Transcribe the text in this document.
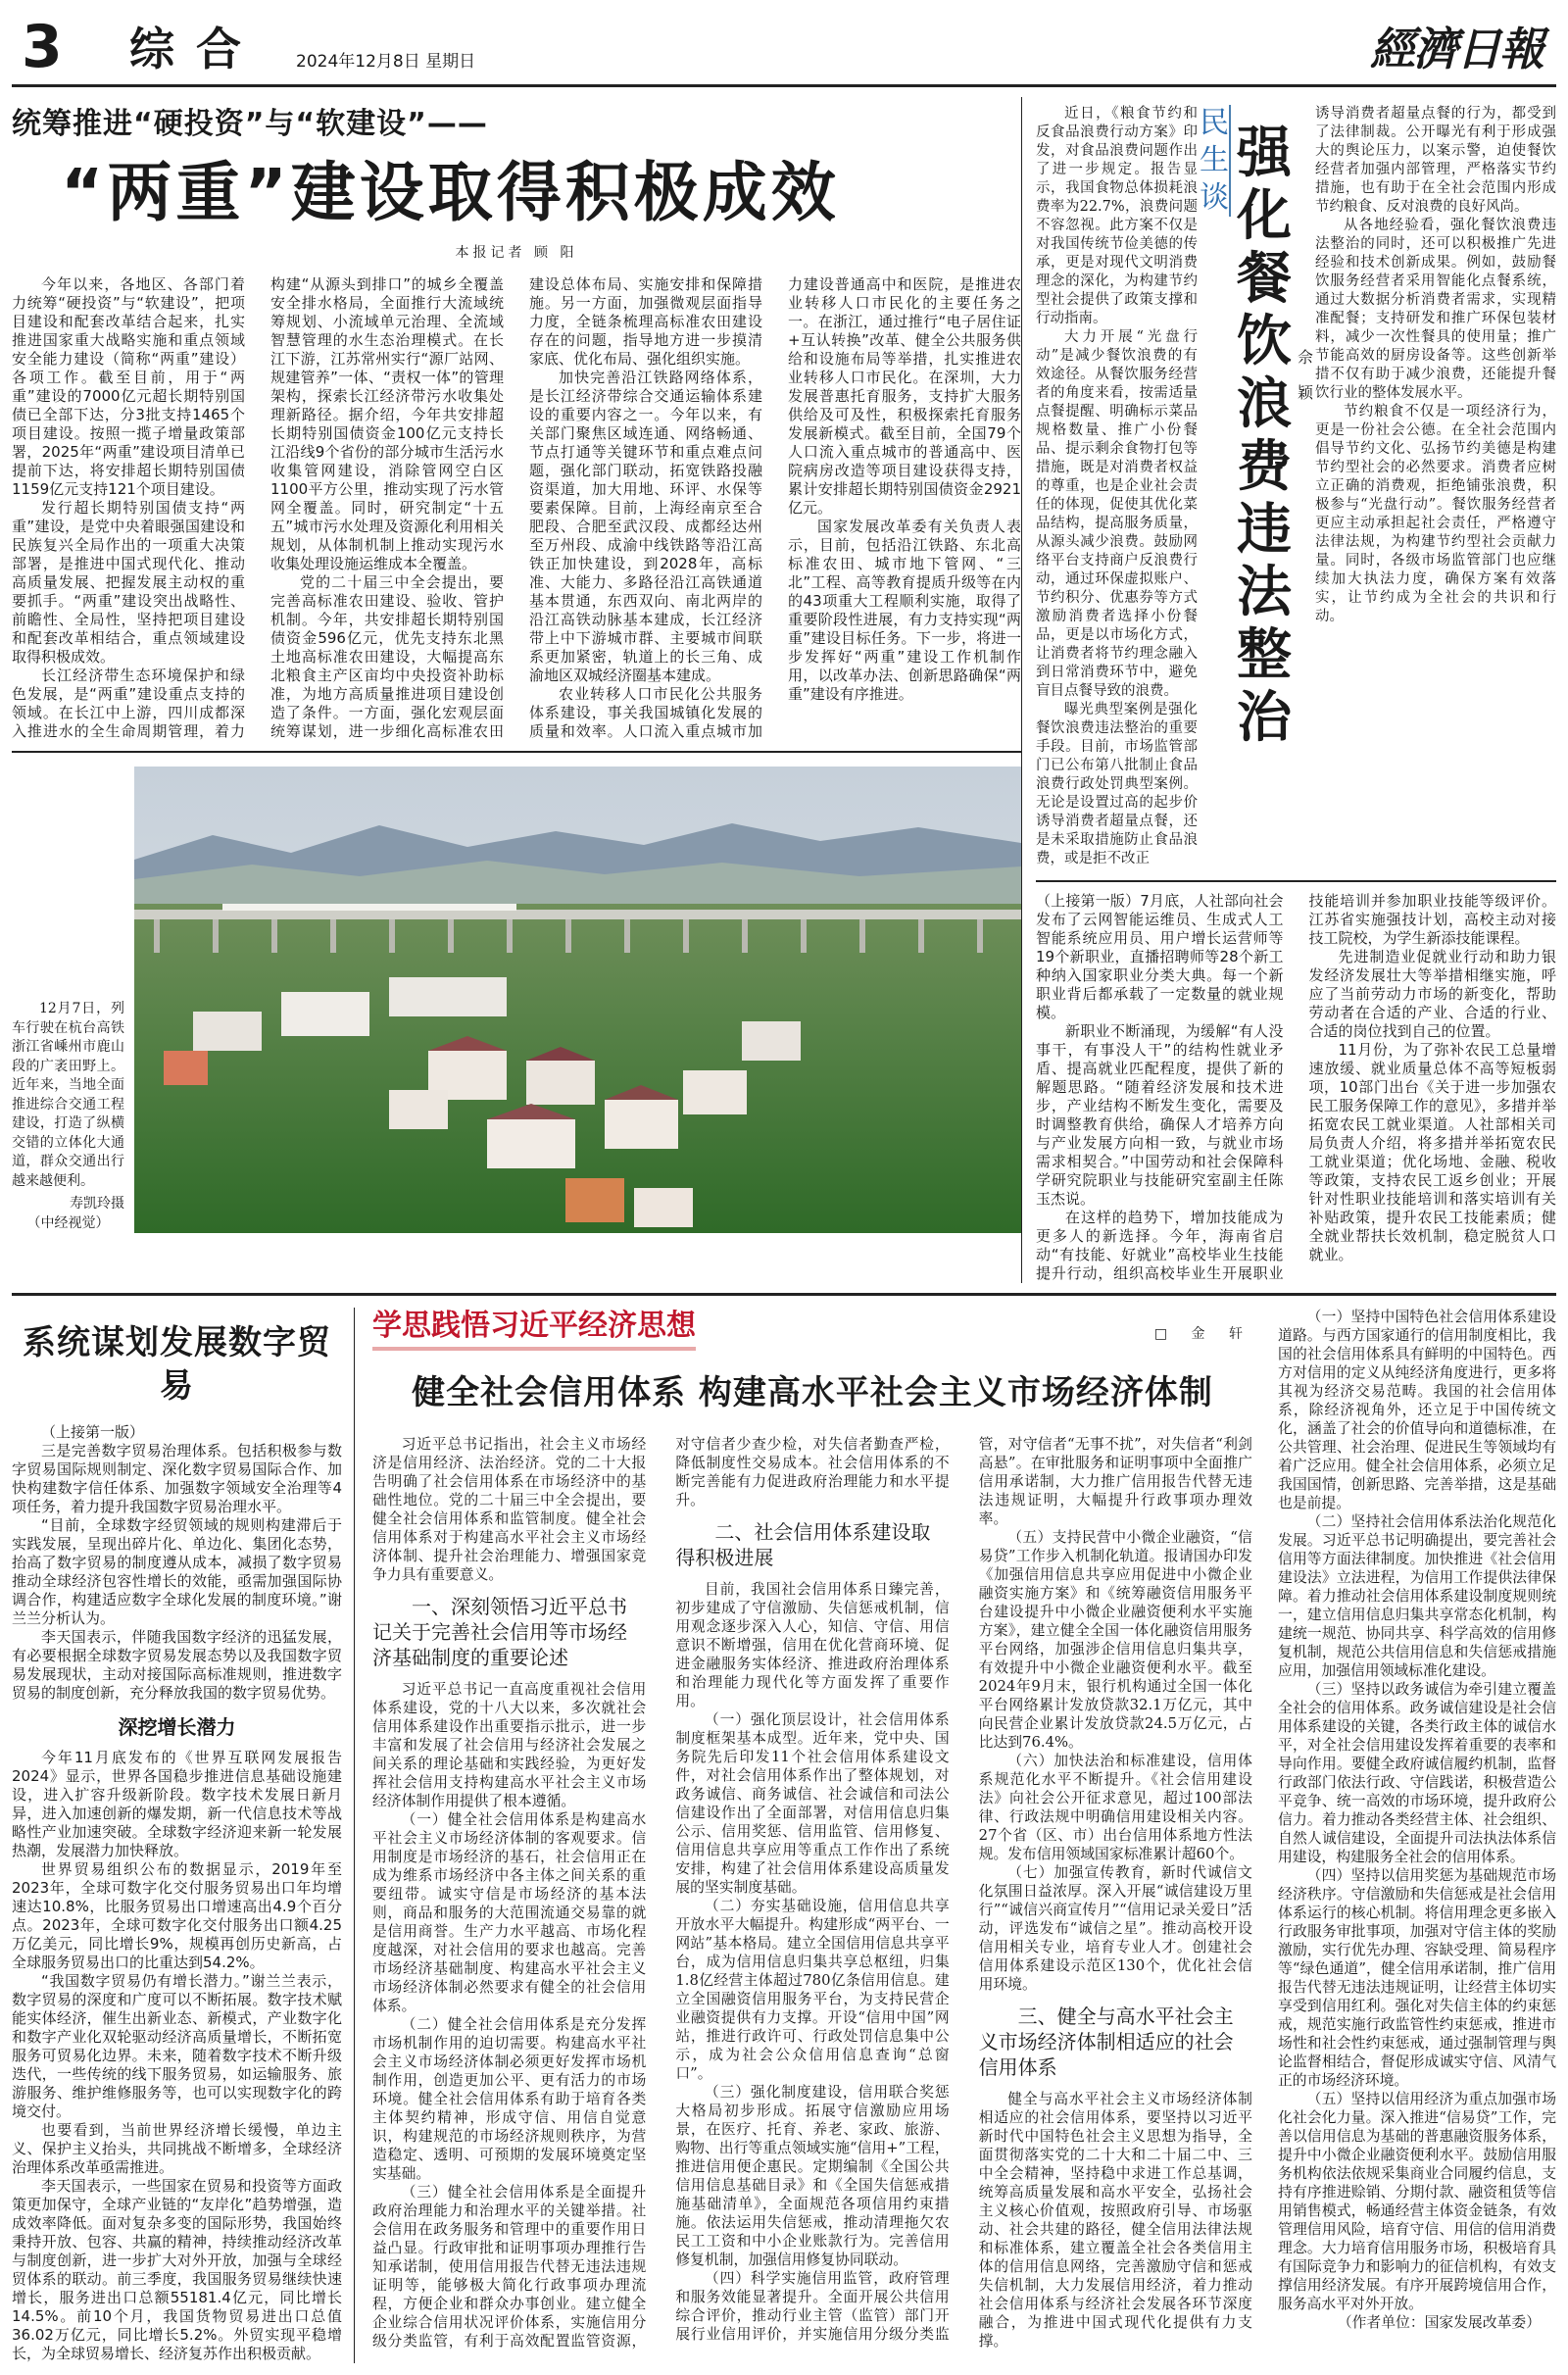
3	综合	2024年12月8日 星期日	經濟日報
统筹推进“硬投资”与“软建设”——
“两重”建设取得积极成效
本报记者 顾 阳

今年以来，各地区、各部门着力统筹“硬投资”与“软建设”，把项目建设和配套改革结合起来，扎实推进国家重大战略实施和重点领域安全能力建设（简称“两重”建设）各项工作。截至目前，用于“两重”建设的7000亿元超长期特别国债已全部下达，分3批支持1465个项目建设。按照一揽子增量政策部署，2025年“两重”建设项目清单已提前下达，将安排超长期特别国债1159亿元支持121个项目建设。

发行超长期特别国债支持“两重”建设，是党中央着眼强国建设和民族复兴全局作出的一项重大决策部署，是推进中国式现代化、推动高质量发展、把握发展主动权的重要抓手。“两重”建设突出战略性、前瞻性、全局性，坚持把项目建设和配套改革相结合，重点领域建设取得积极成效。

长江经济带生态环境保护和绿色发展，是“两重”建设重点支持的领域。在长江中上游，四川成都深入推进水的全生命周期管理，着力构建“从源头到排口”的城乡全覆盖安全排水格局，全面推行大流域统筹规划、小流域单元治理、全流域智慧管理的水生态治理模式。在长江下游，江苏常州实行“源厂站网、规建管养”一体、“责权一体”的管理架构，探索长江经济带污水收集处理新路径。据介绍，今年共安排超长期特别国债资金100亿元支持长江沿线9个省份的部分城市生活污水收集管网建设，消除管网空白区1100平方公里，推动实现了污水管网全覆盖。同时，研究制定“十五五”城市污水处理及资源化利用相关规划，从体制机制上推动实现污水收集处理设施运维成本全覆盖。

党的二十届三中全会提出，要完善高标准农田建设、验收、管护机制。今年，共安排超长期特别国债资金596亿元，优先支持东北黑土地高标准农田建设，大幅提高东北粮食主产区亩均中央投资补助标准，为地方高质量推进项目建设创造了条件。一方面，强化宏观层面统筹谋划，进一步细化高标准农田建设总体布局、实施安排和保障措施。另一方面，加强微观层面指导力度，全链条梳理高标准农田建设存在的问题，指导地方进一步摸清家底、优化布局、强化组织实施。

加快完善沿江铁路网络体系，是长江经济带综合交通运输体系建设的重要内容之一。今年以来，有关部门聚焦区域连通、网络畅通、节点打通等关键环节和重点难点问题，强化部门联动，拓宽铁路投融资渠道，加大用地、环评、水保等要素保障。目前，上海经南京至合肥段、合肥至武汉段、成都经达州至万州段、成渝中线铁路等沿江高铁正加快建设，到2028年，高标准、大能力、多路径沿江高铁通道基本贯通，东西双向、南北两岸的沿江高铁动脉基本建成，长江经济带上中下游城市群、主要城市间联系更加紧密，轨道上的长三角、成渝地区双城经济圈基本建成。

农业转移人口市民化公共服务体系建设，事关我国城镇化发展的质量和效率。人口流入重点城市加力建设普通高中和医院，是推进农业转移人口市民化的主要任务之一。在浙江，通过推行“电子居住证+互认转换”改革、健全公共服务供给和设施布局等举措，扎实推进农业转移人口市民化。在深圳，大力发展普惠托育服务，支持扩大服务供给及可及性，积极探索托育服务发展新模式。截至目前，全国79个人口流入重点城市的普通高中、医院病房改造等项目建设获得支持，累计安排超长期特别国债资金2921亿元。

国家发展改革委有关负责人表示，目前，包括沿江铁路、东北高标准农田、城市地下管网、“三北”工程、高等教育提质升级等在内的43项重大工程顺利实施，取得了重要阶段性进展，有力支持实现“两重”建设目标任务。下一步，将进一步发挥好“两重”建设工作机制作用，以改革办法、创新思路确保“两重”建设有序推进。

12月7日，列车行驶在杭台高铁浙江省嵊州市鹿山段的广袤田野上。近年来，当地全面推进综合交通工程建设，打造了纵横交错的立体化大通道，群众交通出行越来越便利。

寿凯玲摄
（中经视觉）

近日，《粮食节约和反食品浪费行动方案》印发，对食品浪费问题作出了进一步规定。报告显示，我国食物总体损耗浪费率为22.7%，浪费问题不容忽视。此方案不仅是对我国传统节俭美德的传承，更是对现代文明消费理念的深化，为构建节约型社会提供了政策支撑和行动指南。

大力开展“光盘行动”是减少餐饮浪费的有效途径。从餐饮服务经营者的角度来看，按需适量点餐提醒、明确标示菜品规格数量、推广小份餐品、提示剩余食物打包等措施，既是对消费者权益的尊重，也是企业社会责任的体现，促使其优化菜品结构，提高服务质量，从源头减少浪费。鼓励网络平台支持商户反浪费行动，通过环保虚拟账户、节约积分、优惠券等方式激励消费者选择小份餐品，更是以市场化方式，让消费者将节约理念融入到日常消费环节中，避免盲目点餐导致的浪费。

曝光典型案例是强化餐饮浪费违法整治的重要手段。目前，市场监管部门已公布第八批制止食品浪费行政处罚典型案例。无论是设置过高的起步价诱导消费者超量点餐，还是未采取措施防止食品浪费，或是拒不改正

民生谈
强化餐饮浪费违法整治
佘颖

诱导消费者超量点餐的行为，都受到了法律制裁。公开曝光有利于形成强大的舆论压力，以案示警，迫使餐饮经营者加强内部管理，严格落实节约措施，也有助于在全社会范围内形成节约粮食、反对浪费的良好风尚。

从各地经验看，强化餐饮浪费违法整治的同时，还可以积极推广先进经验和技术创新成果。例如，鼓励餐饮服务经营者采用智能化点餐系统，通过大数据分析消费者需求，实现精准配餐；支持研发和推广环保包装材料，减少一次性餐具的使用量；推广节能高效的厨房设备等。这些创新举措不仅有助于减少浪费，还能提升餐饮行业的整体发展水平。

节约粮食不仅是一项经济行为，更是一份社会公德。在全社会范围内倡导节约文化、弘扬节约美德是构建节约型社会的必然要求。消费者应树立正确的消费观，拒绝铺张浪费，积极参与“光盘行动”。餐饮服务经营者更应主动承担起社会责任，严格遵守法律法规，为构建节约型社会贡献力量。同时，各级市场监管部门也应继续加大执法力度，确保方案有效落实，让节约成为全社会的共识和行动。

（上接第一版）7月底，人社部向社会发布了云网智能运维员、生成式人工智能系统应用员、用户增长运营师等19个新职业，直播招聘师等28个新工种纳入国家职业分类大典。每一个新职业背后都承载了一定数量的就业规模。

新职业不断涌现，为缓解“有人没事干，有事没人干”的结构性就业矛盾、提高就业匹配程度，提供了新的解题思路。“随着经济发展和技术进步，产业结构不断发生变化，需要及时调整教育供给，确保人才培养方向与产业发展方向相一致，与就业市场需求相契合。”中国劳动和社会保障科学研究院职业与技能研究室副主任陈玉杰说。

在这样的趋势下，增加技能成为更多人的新选择。今年，海南省启动“有技能、好就业”高校毕业生技能提升行动，组织高校毕业生开展职业技能培训并参加职业技能等级评价。江苏省实施强技计划，高校主动对接技工院校，为学生新添技能课程。

先进制造业促就业行动和助力银发经济发展壮大等举措相继实施，呼应了当前劳动力市场的新变化，帮助劳动者在合适的产业、合适的行业、合适的岗位找到自己的位置。

11月份，为了弥补农民工总量增速放缓、就业质量总体不高等短板弱项，10部门出台《关于进一步加强农民工服务保障工作的意见》，多措并举拓宽农民工就业渠道。人社部相关司局负责人介绍，将多措并举拓宽农民工就业渠道；优化场地、金融、税收等政策，支持农民工返乡创业；开展针对性职业技能培训和落实培训有关补贴政策，提升农民工技能素质；健全就业帮扶长效机制，稳定脱贫人口就业。

系统谋划发展数字贸易

（上接第一版）

三是完善数字贸易治理体系。包括积极参与数字贸易国际规则制定、深化数字贸易国际合作、加快构建数字信任体系、加强数字领域安全治理等4项任务，着力提升我国数字贸易治理水平。

“目前，全球数字经贸领域的规则构建滞后于实践发展，呈现出碎片化、单边化、集团化态势，抬高了数字贸易的制度遵从成本，减损了数字贸易推动全球经济包容性增长的效能，亟需加强国际协调合作，构建适应数字全球化发展的制度环境。”谢兰兰分析认为。

李天国表示，伴随我国数字经济的迅猛发展，有必要根据全球数字贸易发展态势以及我国数字贸易发展现状，主动对接国际高标准规则，推进数字贸易的制度创新，充分释放我国的数字贸易优势。

深挖增长潜力

今年11月底发布的《世界互联网发展报告2024》显示，世界各国稳步推进信息基础设施建设，进入扩容升级新阶段。数字技术发展日新月异，进入加速创新的爆发期，新一代信息技术等战略性产业加速突破。全球数字经济迎来新一轮发展热潮，发展潜力加快释放。

世界贸易组织公布的数据显示，2019年至2023年，全球可数字化交付服务贸易出口年均增速达10.8%，比服务贸易出口增速高出4.9个百分点。2023年，全球可数字化交付服务出口额4.25万亿美元，同比增长9%，规模再创历史新高，占全球服务贸易出口的比重达到54.2%。

“我国数字贸易仍有增长潜力。”谢兰兰表示，数字贸易的深度和广度可以不断拓展。数字技术赋能实体经济，催生出新业态、新模式，产业数字化和数字产业化双轮驱动经济高质量增长，不断拓宽服务可贸易化边界。未来，随着数字技术不断升级迭代，一些传统的线下服务贸易，如运输服务、旅游服务、维护维修服务等，也可以实现数字化的跨境交付。

也要看到，当前世界经济增长缓慢，单边主义、保护主义抬头，共同挑战不断增多，全球经济治理体系改革亟需推进。

李天国表示，一些国家在贸易和投资等方面政策更加保守，全球产业链的“友岸化”趋势增强，造成效率降低。面对复杂多变的国际形势，我国始终秉持开放、包容、共赢的精神，持续推动经济改革与制度创新，进一步扩大对外开放，加强与全球经贸体系的联动。前三季度，我国服务贸易继续快速增长，服务进出口总额55181.4亿元，同比增长14.5%。前10个月，我国货物贸易进出口总值36.02万亿元，同比增长5.2%。外贸实现平稳增长，为全球贸易增长、经济复苏作出积极贡献。

学思践悟习近平经济思想	□ 金 轩
健全社会信用体系 构建高水平社会主义市场经济体制

习近平总书记指出，社会主义市场经济是信用经济、法治经济。党的二十大报告明确了社会信用体系在市场经济中的基础性地位。党的二十届三中全会提出，要健全社会信用体系和监管制度。健全社会信用体系对于构建高水平社会主义市场经济体制、提升社会治理能力、增强国家竞争力具有重要意义。

一、深刻领悟习近平总书记关于完善社会信用等市场经济基础制度的重要论述

习近平总书记一直高度重视社会信用体系建设，党的十八大以来，多次就社会信用体系建设作出重要指示批示，进一步丰富和发展了社会信用与经济社会发展之间关系的理论基础和实践经验，为更好发挥社会信用支持构建高水平社会主义市场经济体制作用提供了根本遵循。

（一）健全社会信用体系是构建高水平社会主义市场经济体制的客观要求。信用制度是市场经济的基石，社会信用正在成为维系市场经济中各主体之间关系的重要纽带。诚实守信是市场经济的基本法则，商品和服务的大范围流通交易靠的就是信用商誉。生产力水平越高、市场化程度越深，对社会信用的要求也越高。完善市场经济基础制度、构建高水平社会主义市场经济体制必然要求有健全的社会信用体系。

（二）健全社会信用体系是充分发挥市场机制作用的迫切需要。构建高水平社会主义市场经济体制必须更好发挥市场机制作用，创造更加公平、更有活力的市场环境。健全社会信用体系有助于培育各类主体契约精神，形成守信、用信自觉意识，构建规范的市场经济规则秩序，为营造稳定、透明、可预期的发展环境奠定坚实基础。

（三）健全社会信用体系是全面提升政府治理能力和治理水平的关键举措。社会信用在政务服务和管理中的重要作用日益凸显。行政审批和证明事项办理推行告知承诺制，使用信用报告代替无违法违规证明等，能够极大简化行政事项办理流程，方便企业和群众办事创业。建立健全企业综合信用状况评价体系，实施信用分级分类监管，有利于高效配置监管资源，对守信者少查少检，对失信者勤查严检，降低制度性交易成本。社会信用体系的不断完善能有力促进政府治理能力和水平提升。

二、社会信用体系建设取得积极进展

目前，我国社会信用体系日臻完善，初步建成了守信激励、失信惩戒机制，信用观念逐步深入人心，知信、守信、用信意识不断增强，信用在优化营商环境、促进金融服务实体经济、推进政府治理体系和治理能力现代化等方面发挥了重要作用。

（一）强化顶层设计，社会信用体系制度框架基本成型。近年来，党中央、国务院先后印发11个社会信用体系建设文件，对社会信用体系作出了整体规划，对政务诚信、商务诚信、社会诚信和司法公信建设作出了全面部署，对信用信息归集公示、信用奖惩、信用监管、信用修复、信用信息共享应用等重点工作作出了系统安排，构建了社会信用体系建设高质量发展的坚实制度基础。

（二）夯实基础设施，信用信息共享开放水平大幅提升。构建形成“两平台、一网站”基本格局。建立全国信用信息共享平台，成为信用信息归集共享总枢纽，归集1.8亿经营主体超过780亿条信用信息。建立全国融资信用服务平台，为支持民营企业融资提供有力支撑。开设“信用中国”网站，推进行政许可、行政处罚信息集中公示，成为社会公众信用信息查询“总窗口”。

（三）强化制度建设，信用联合奖惩大格局初步形成。拓展守信激励应用场景，在医疗、托育、养老、家政、旅游、购物、出行等重点领域实施“信用+”工程，推进信用便企惠民。定期编制《全国公共信用信息基础目录》和《全国失信惩戒措施基础清单》，全面规范各项信用约束措施。依法运用失信惩戒，推动清理拖欠农民工工资和中小企业账款行为。完善信用修复机制，加强信用修复协同联动。

（四）科学实施信用监管，政府管理和服务效能显著提升。全面开展公共信用综合评价，推动行业主管（监管）部门开展行业信用评价，并实施信用分级分类监管，对守信者“无事不扰”，对失信者“利剑高悬”。在审批服务和证明事项中全面推广信用承诺制，大力推广信用报告代替无违法违规证明，大幅提升行政事项办理效率。

（五）支持民营中小微企业融资，“信易贷”工作步入机制化轨道。报请国办印发《加强信用信息共享应用促进中小微企业融资实施方案》和《统筹融资信用服务平台建设提升中小微企业融资便利水平实施方案》，建立健全全国一体化融资信用服务平台网络，加强涉企信用信息归集共享，有效提升中小微企业融资便利水平。截至2024年9月末，银行机构通过全国一体化平台网络累计发放贷款32.1万亿元，其中向民营企业累计发放贷款24.5万亿元，占比达到76.4%。

（六）加快法治和标准建设，信用体系规范化水平不断提升。《社会信用建设法》向社会公开征求意见，超过100部法律、行政法规中明确信用建设相关内容。27个省（区、市）出台信用体系地方性法规。发布信用领域国家标准累计超60个。

（七）加强宣传教育，新时代诚信文化氛围日益浓厚。深入开展“诚信建设万里行”“诚信兴商宣传月”“信用记录关爱日”活动，评选发布“诚信之星”。推动高校开设信用相关专业，培育专业人才。创建社会信用体系建设示范区130个，优化社会信用环境。

三、健全与高水平社会主义市场经济体制相适应的社会信用体系

健全与高水平社会主义市场经济体制相适应的社会信用体系，要坚持以习近平新时代中国特色社会主义思想为指导，全面贯彻落实党的二十大和二十届二中、三中全会精神，坚持稳中求进工作总基调，统筹高质量发展和高水平安全，弘扬社会主义核心价值观，按照政府引导、市场驱动、社会共建的路径，健全信用法律法规和标准体系，建立覆盖全社会各类信用主体的信用信息网络，完善激励守信和惩戒失信机制，大力发展信用经济，着力推动社会信用体系与经济社会发展各环节深度融合，为推进中国式现代化提供有力支撑。

（一）坚持中国特色社会信用体系建设道路。与西方国家通行的信用制度相比，我国的社会信用体系具有鲜明的中国特色。西方对信用的定义从纯经济角度进行，更多将其视为经济交易范畴。我国的社会信用体系，除经济视角外，还立足于中国传统文化，涵盖了社会的价值导向和道德标准，在公共管理、社会治理、促进民生等领域均有着广泛应用。健全社会信用体系，必须立足我国国情，创新思路、完善举措，这是基础也是前提。

（二）坚持社会信用体系法治化规范化发展。习近平总书记明确提出，要完善社会信用等方面法律制度。加快推进《社会信用建设法》立法进程，为信用工作提供法律保障。着力推动社会信用体系建设制度规则统一，建立信用信息归集共享常态化机制，构建统一规范、协同共享、科学高效的信用修复机制，规范公共信用信息和失信惩戒措施应用，加强信用领域标准化建设。

（三）坚持以政务诚信为牵引建立覆盖全社会的信用体系。政务诚信建设是社会信用体系建设的关键，各类行政主体的诚信水平，对全社会信用建设发挥着重要的表率和导向作用。要健全政府诚信履约机制，监督行政部门依法行政、守信践诺，积极营造公平竞争、统一高效的市场环境，提升政府公信力。着力推动各类经营主体、社会组织、自然人诚信建设，全面提升司法执法体系信用建设，构建服务全社会的信用体系。

（四）坚持以信用奖惩为基础规范市场经济秩序。守信激励和失信惩戒是社会信用体系运行的核心机制。将信用理念更多嵌入行政服务审批事项，加强对守信主体的奖励激励，实行优先办理、容缺受理、简易程序等“绿色通道”，健全信用承诺制，推广信用报告代替无违法违规证明，让经营主体切实享受到信用红利。强化对失信主体的约束惩戒，规范实施行政监管性约束惩戒，推进市场性和社会性约束惩戒，通过强制管理与舆论监督相结合，督促形成诚实守信、风清气正的市场经济环境。

（五）坚持以信用经济为重点加强市场化社会化力量。深入推进“信易贷”工作，完善以信用信息为基础的普惠融资服务体系，提升中小微企业融资便利水平。鼓励信用服务机构依法依规采集商业合同履约信息，支持有序推进赊销、分期付款、融资租赁等信用销售模式，畅通经营主体资金链条，有效管理信用风险，培育守信、用信的信用消费理念。大力培育信用服务市场，积极培育具有国际竞争力和影响力的征信机构，有效支撑信用经济发展。有序开展跨境信用合作，服务高水平对外开放。

（作者单位：国家发展改革委）
